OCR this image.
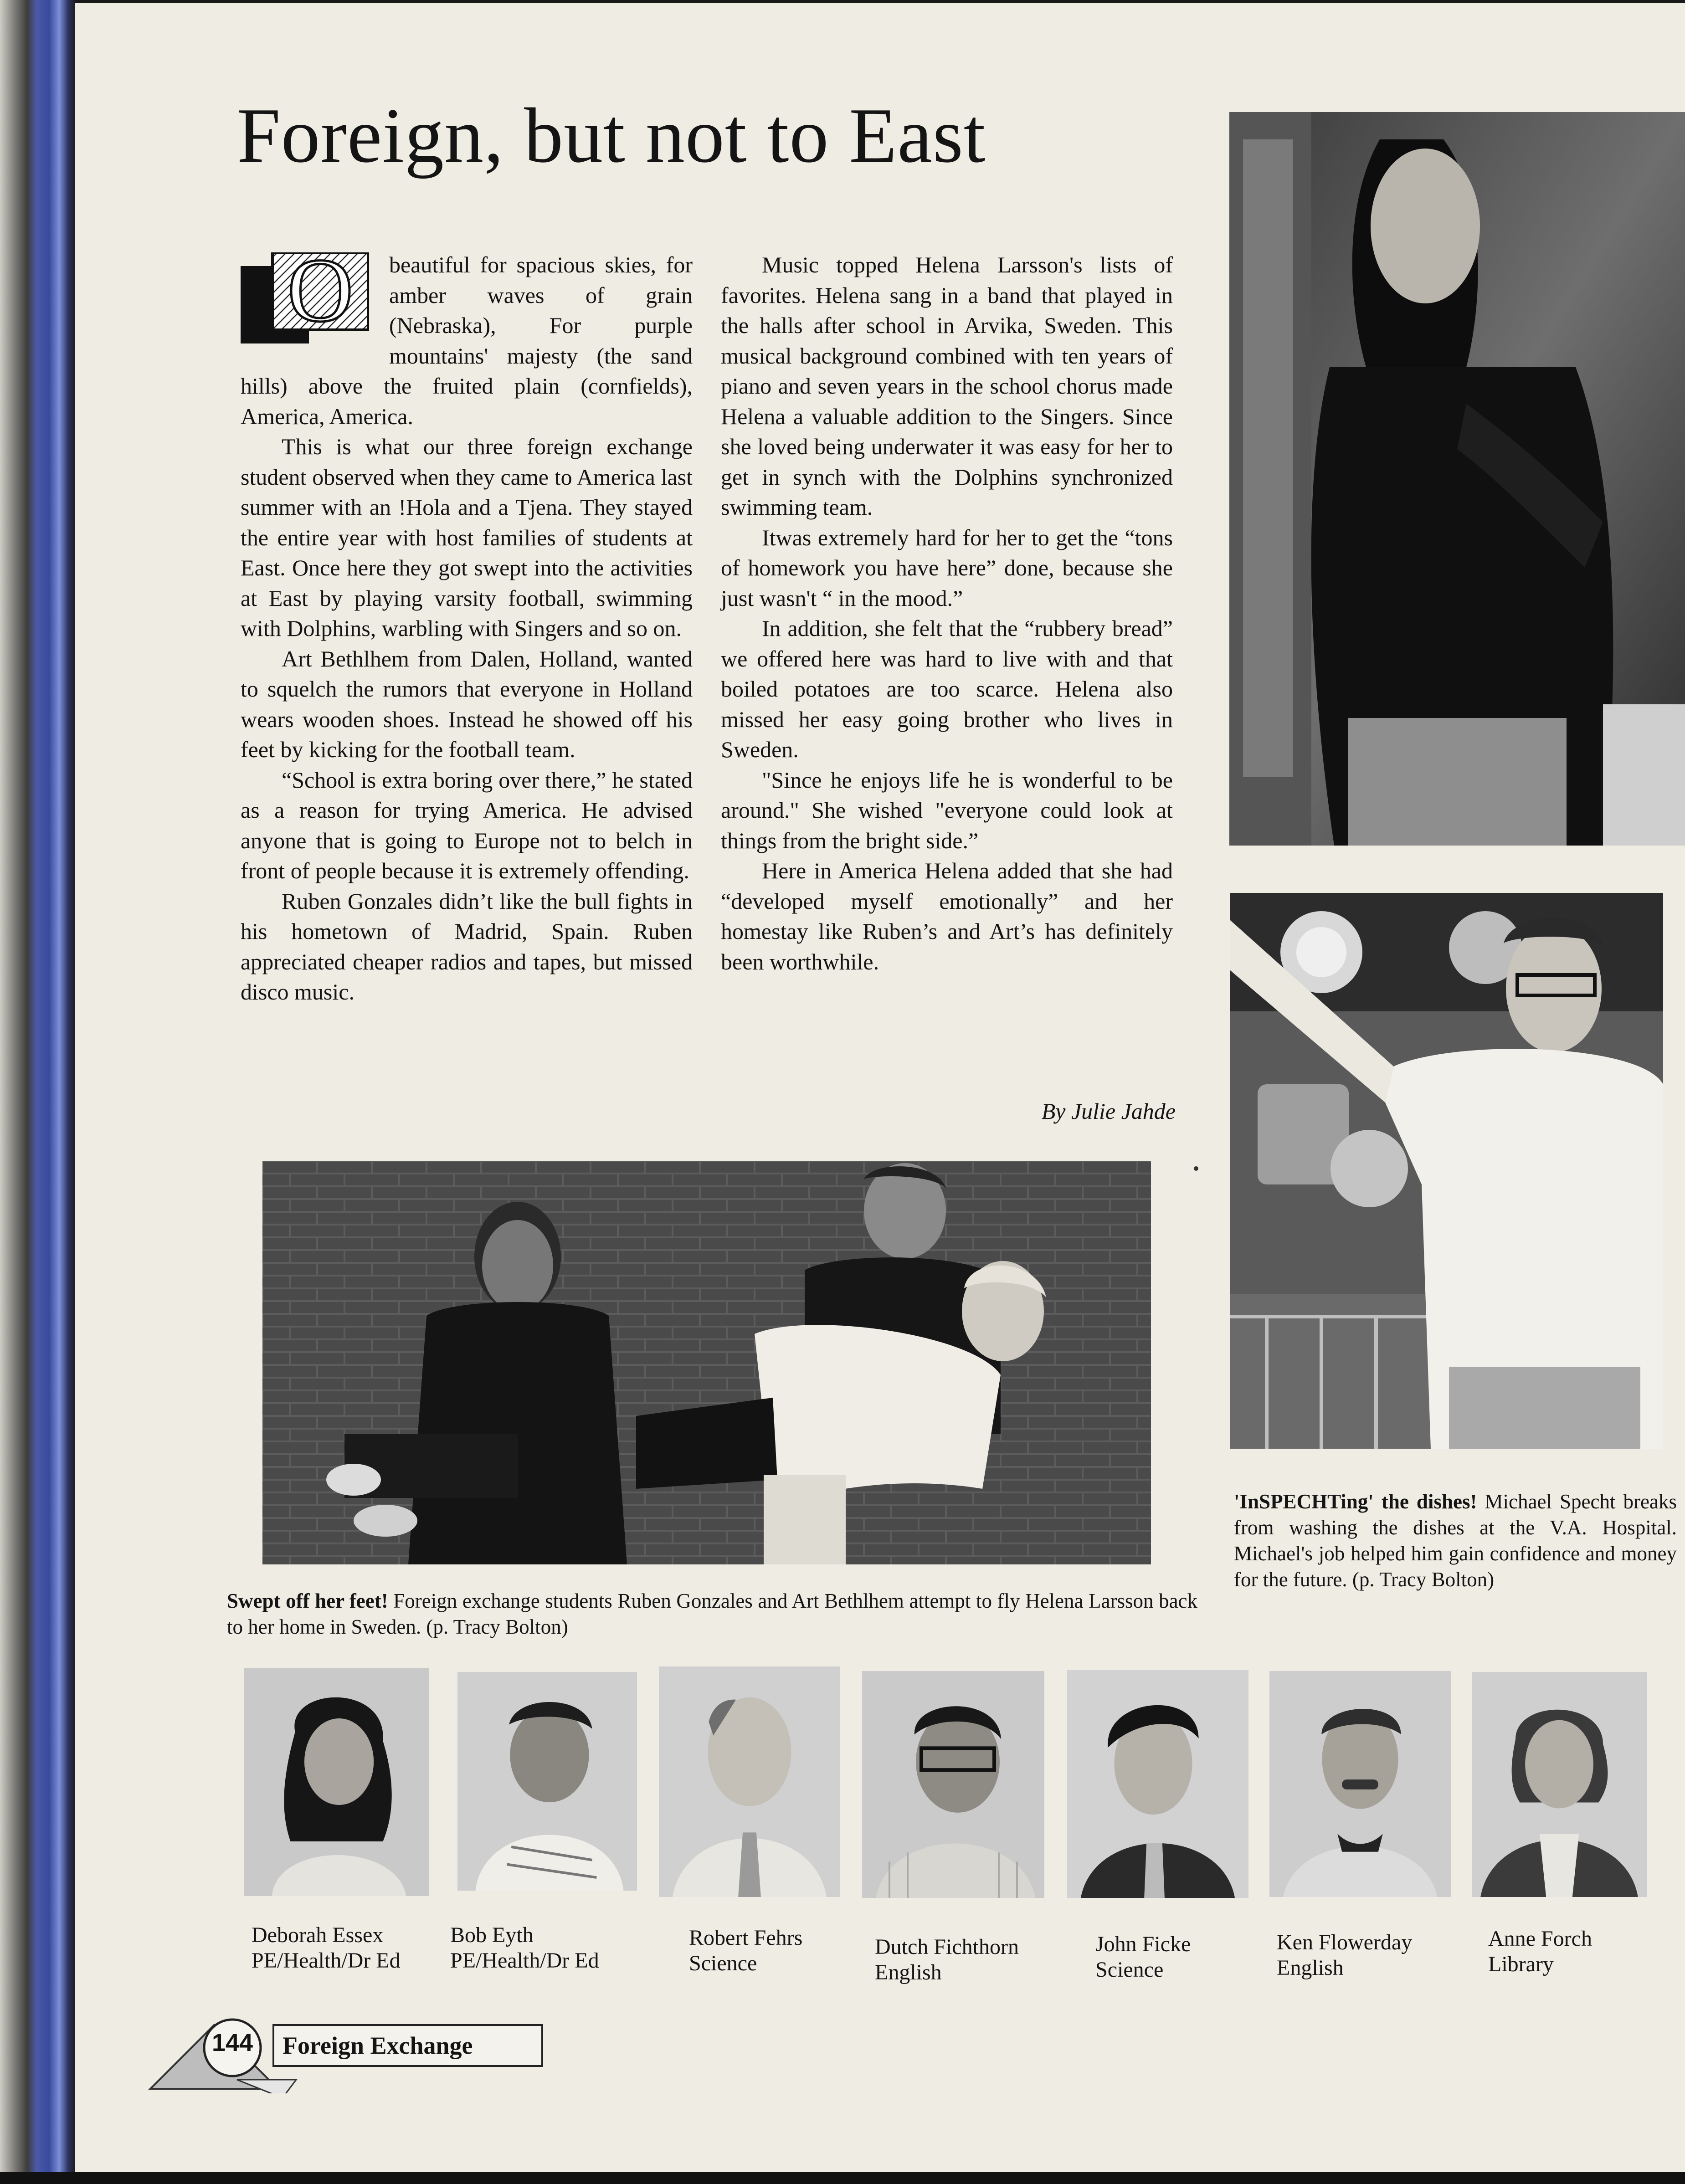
Foreign, but not to East
O	beautiful for spacious skies, for amber waves of grain (Nebraska), For purple mountains' majesty (the sand hills) above the fruited plain (cornfields), America, America.

This is what our three foreign exchange student observed when they came to America last summer with an !Hola and a Tjena. They stayed the entire year with host families of students at East. Once here they got swept into the activities at East by playing varsity football, swimming with Dolphins, warbling with Singers and so on.

Art Bethlhem from Dalen, Holland, wanted to squelch the rumors that everyone in Holland wears wooden shoes. Instead he showed off his feet by kicking for the football team.

“School is extra boring over there,” he stated as a reason for trying America. He advised anyone that is going to Europe not to belch in front of people because it is extremely offending.

Ruben Gonzales didn’t like the bull fights in his hometown of Madrid, Spain. Ruben appreciated cheaper radios and tapes, but missed disco music.

Music topped Helena Larsson's lists of favorites. Helena sang in a band that played in the halls after school in Arvika, Sweden. This musical background combined with ten years of piano and seven years in the school chorus made Helena a valuable addition to the Singers. Since she loved being underwater it was easy for her to get in synch with the Dolphins synchronized swimming team.

Itwas extremely hard for her to get the “tons of homework you have here” done, because she just wasn't “ in the mood.”

In addition, she felt that the “rubbery bread” we offered here was hard to live with and that boiled potatoes are too scarce. Helena also missed her easy going brother who lives in Sweden.

"Since he enjoys life he is wonderful to be around." She wished "everyone could look at things from the bright side.”

Here in America Helena added that she had “developed myself emotionally” and her homestay like Ruben’s and Art’s has definitely been worthwhile.

By Julie Jahde
Swept off her feet! Foreign exchange students Ruben Gonzales and Art Bethlhem attempt to fly Helena Larsson back to her home in Sweden. (p. Tracy Bolton)
'InSPECHTing' the dishes! Michael Specht breaks from washing the dishes at the V.A. Hospital. Michael's job helped him gain confidence and money for the future. (p. Tracy Bolton)
Deborah Essex
PE/Health/Dr Ed
Bob Eyth
PE/Health/Dr Ed
Robert Fehrs
Science
Dutch Fichthorn
English
John Ficke
Science
Ken Flowerday
English
Anne Forch
Library
144 Foreign Exchange
